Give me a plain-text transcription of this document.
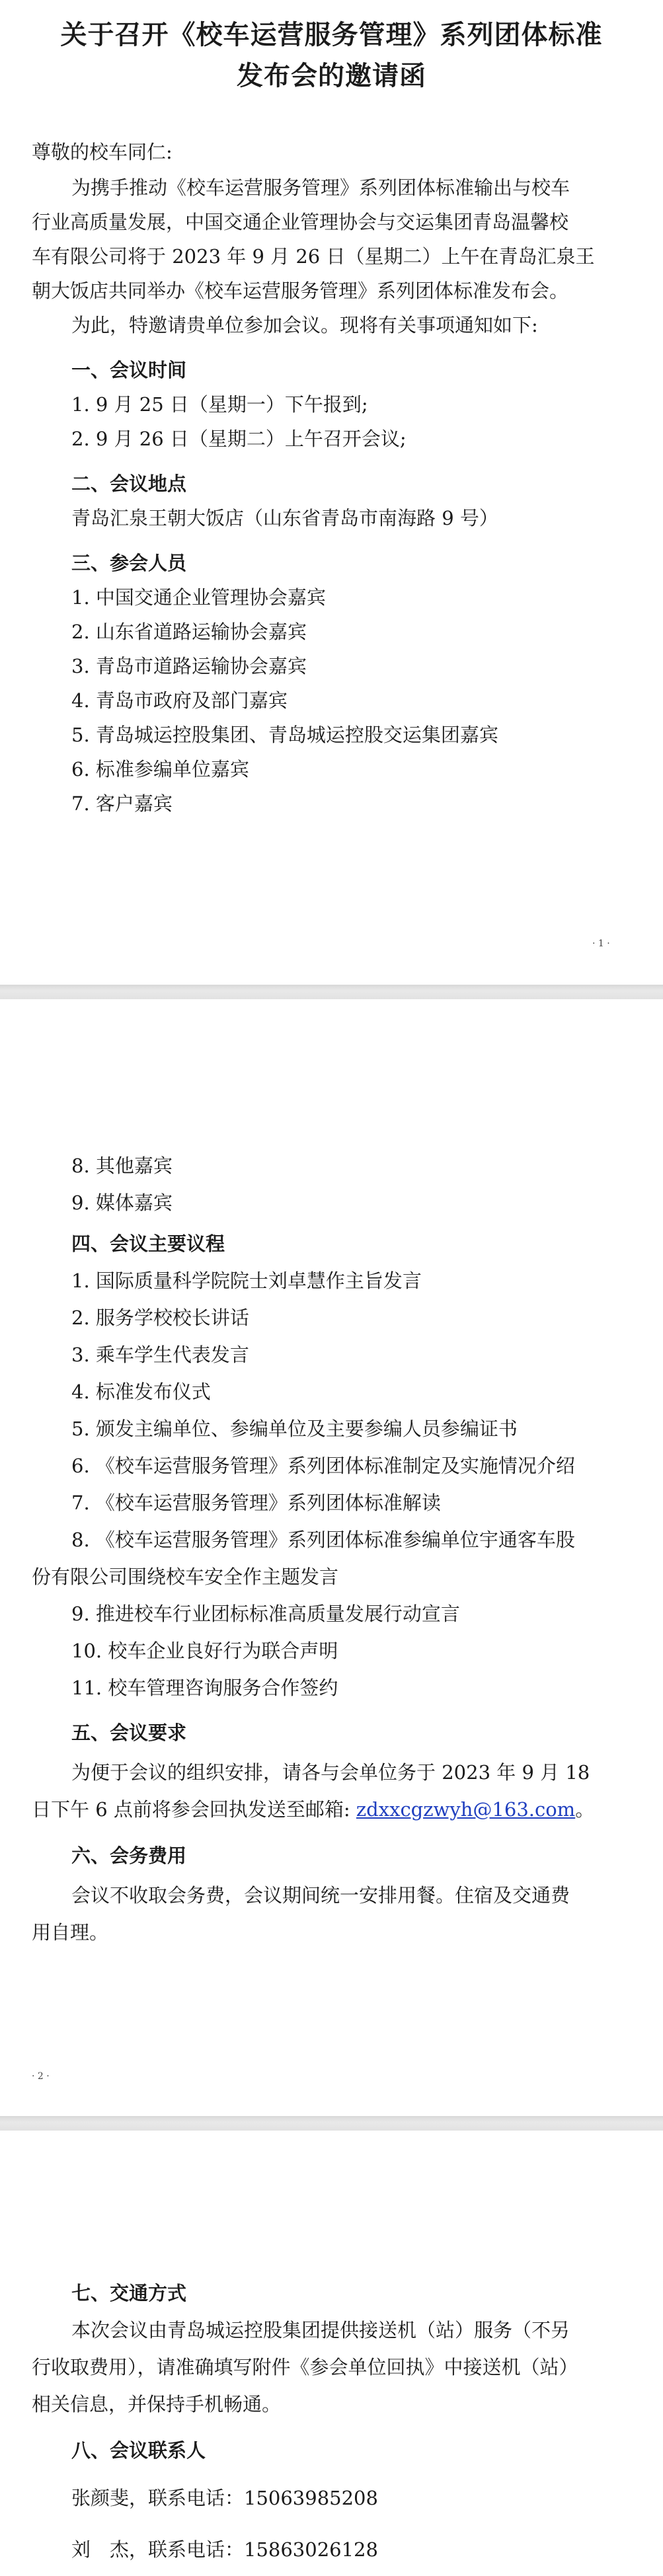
关于召开《校车运营服务管理》系列团体标准
发布会的邀请函
尊敬的校车同仁:
为携手推动《校车运营服务管理》系列团体标准输出与校车
行业高质量发展，中国交通企业管理协会与交运集团青岛温馨校
车有限公司将于 2023 年 9 月 26 日（星期二）上午在青岛汇泉王
朝大饭店共同举办《校车运营服务管理》系列团体标准发布会。
为此，特邀请贵单位参加会议。现将有关事项通知如下:
一、会议时间
1. 9 月 25 日（星期一）下午报到;
2. 9 月 26 日（星期二）上午召开会议;
二、会议地点
青岛汇泉王朝大饭店（山东省青岛市南海路 9 号）
三、参会人员
1. 中国交通企业管理协会嘉宾
2. 山东省道路运输协会嘉宾
3. 青岛市道路运输协会嘉宾
4. 青岛市政府及部门嘉宾
5. 青岛城运控股集团、青岛城运控股交运集团嘉宾
6. 标准参编单位嘉宾
7. 客户嘉宾
· 1 ·
8. 其他嘉宾
9. 媒体嘉宾
四、会议主要议程
1. 国际质量科学院院士刘卓慧作主旨发言
2. 服务学校校长讲话
3. 乘车学生代表发言
4. 标准发布仪式
5. 颁发主编单位、参编单位及主要参编人员参编证书
6. 《校车运营服务管理》系列团体标准制定及实施情况介绍
7. 《校车运营服务管理》系列团体标准解读
8. 《校车运营服务管理》系列团体标准参编单位宇通客车股
份有限公司围绕校车安全作主题发言
9. 推进校车行业团标标准高质量发展行动宣言
10. 校车企业良好行为联合声明
11. 校车管理咨询服务合作签约
五、会议要求
为便于会议的组织安排，请各与会单位务于 2023 年 9 月 18
日下午 6 点前将参会回执发送至邮箱: zdxxcgzwyh@163.com。
六、会务费用
会议不收取会务费，会议期间统一安排用餐。住宿及交通费
用自理。
· 2 ·
七、交通方式
本次会议由青岛城运控股集团提供接送机（站）服务（不另
行收取费用），请准确填写附件《参会单位回执》中接送机（站）
相关信息，并保持手机畅通。
八、会议联系人
张颜斐，联系电话：15063985208
刘　杰，联系电话：15863026128
